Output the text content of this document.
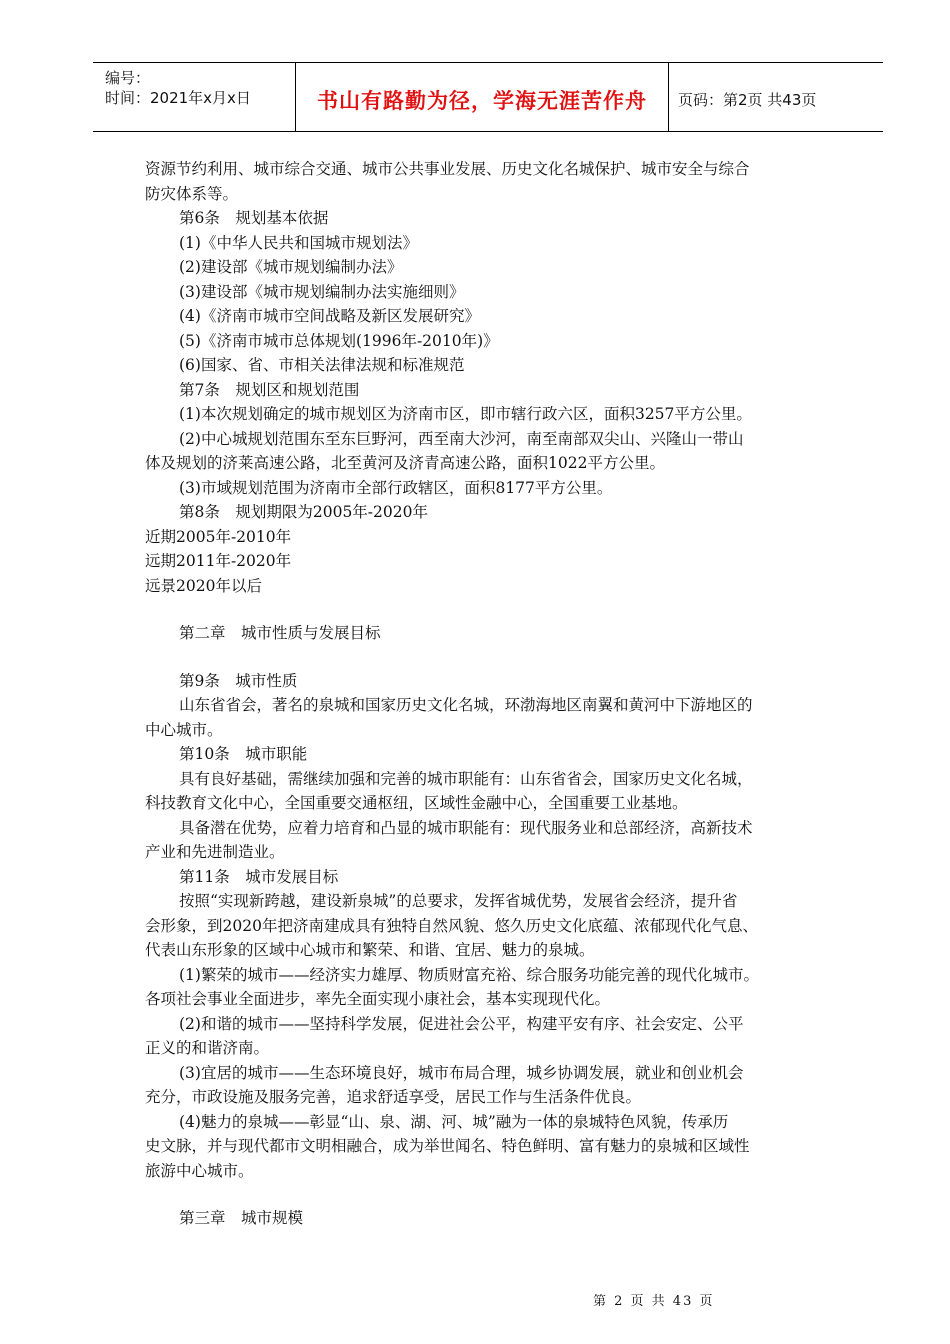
编号：
时间：2021年x月x日	书山有路勤为径，学海无涯苦作舟	页码：第2页 共43页
资源节约利用、城市综合交通、城市公共事业发展、历史文化名城保护、城市安全与综合
防灾体系等。
第6条　规划基本依据
(1)《中华人民共和国城市规划法》
(2)建设部《城市规划编制办法》
(3)建设部《城市规划编制办法实施细则》
(4)《济南市城市空间战略及新区发展研究》
(5)《济南市城市总体规划(1996年-2010年)》
(6)国家、省、市相关法律法规和标准规范
第7条　规划区和规划范围
(1)本次规划确定的城市规划区为济南市区，即市辖行政六区，面积3257平方公里。
(2)中心城规划范围东至东巨野河，西至南大沙河，南至南部双尖山、兴隆山一带山
体及规划的济莱高速公路，北至黄河及济青高速公路，面积1022平方公里。
(3)市域规划范围为济南市全部行政辖区，面积8177平方公里。
第8条　规划期限为2005年-2020年
近期2005年-2010年
远期2011年-2020年
远景2020年以后
第二章　城市性质与发展目标
第9条　城市性质
山东省省会，著名的泉城和国家历史文化名城，环渤海地区南翼和黄河中下游地区的
中心城市。
第10条　城市职能
具有良好基础，需继续加强和完善的城市职能有：山东省省会，国家历史文化名城，
科技教育文化中心，全国重要交通枢纽，区域性金融中心，全国重要工业基地。
具备潜在优势，应着力培育和凸显的城市职能有：现代服务业和总部经济，高新技术
产业和先进制造业。
第11条　城市发展目标
按照“实现新跨越，建设新泉城”的总要求，发挥省城优势，发展省会经济，提升省
会形象，到2020年把济南建成具有独特自然风貌、悠久历史文化底蕴、浓郁现代化气息、
代表山东形象的区域中心城市和繁荣、和谐、宜居、魅力的泉城。
(1)繁荣的城市——经济实力雄厚、物质财富充裕、综合服务功能完善的现代化城市。
各项社会事业全面进步，率先全面实现小康社会，基本实现现代化。
(2)和谐的城市——坚持科学发展，促进社会公平，构建平安有序、社会安定、公平
正义的和谐济南。
(3)宜居的城市——生态环境良好，城市布局合理，城乡协调发展，就业和创业机会
充分，市政设施及服务完善，追求舒适享受，居民工作与生活条件优良。
(4)魅力的泉城——彰显“山、泉、湖、河、城”融为一体的泉城特色风貌，传承历
史文脉，并与现代都市文明相融合，成为举世闻名、特色鲜明、富有魅力的泉城和区域性
旅游中心城市。
第三章　城市规模
第 2 页 共 43 页
